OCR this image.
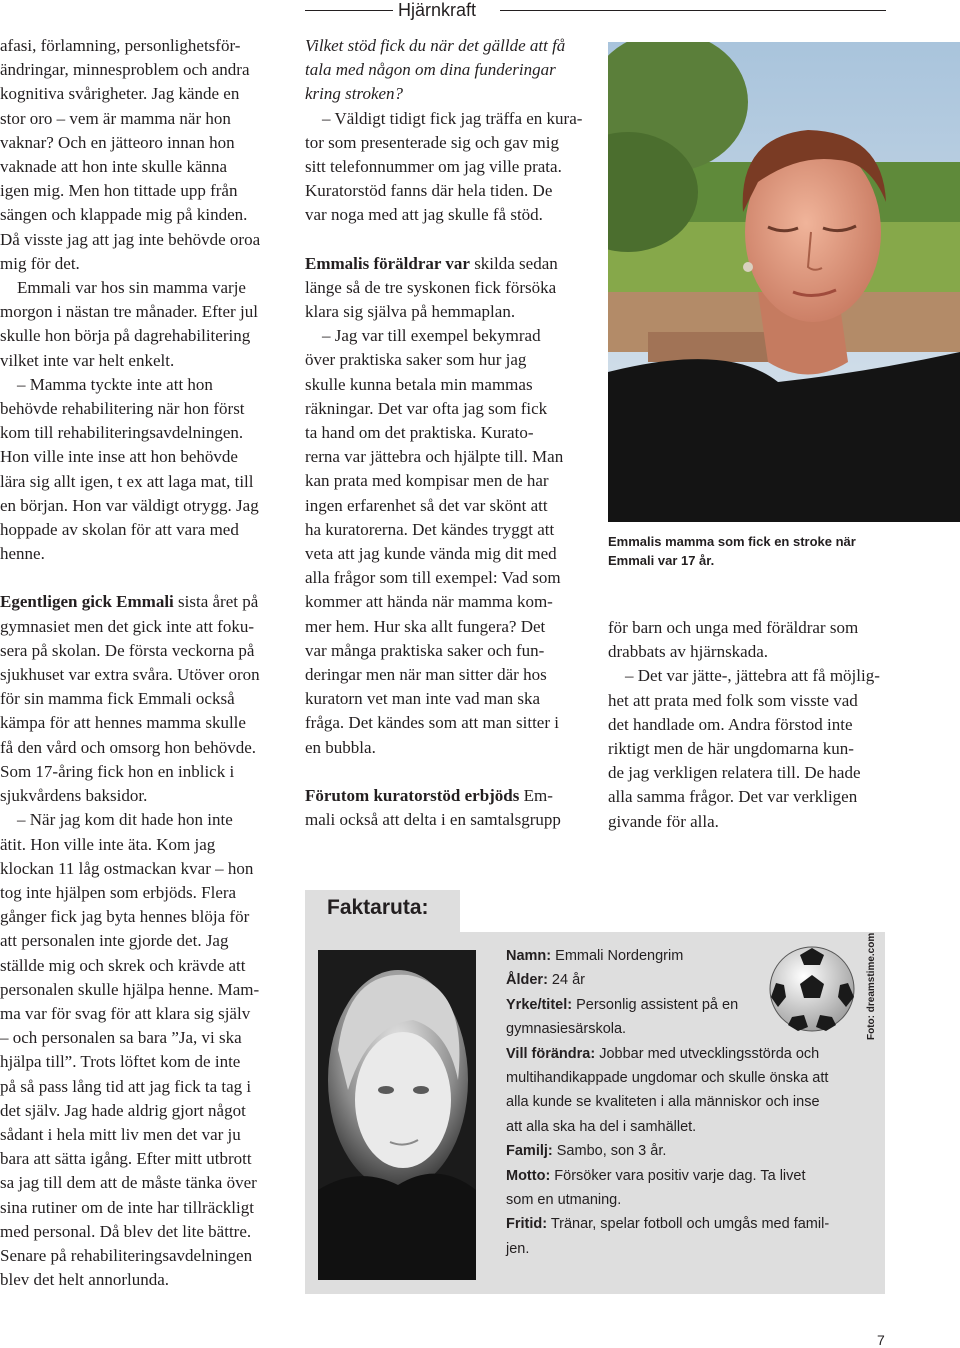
Hjärnkraft

afasi, förlamning, personlighetsför-

ändringar, minnesproblem och andra

kognitiva svårigheter. Jag kände en

stor oro – vem är mamma när hon

vaknar? Och en jätteoro innan hon

vaknade att hon inte skulle känna

igen mig. Men hon tittade upp från

sängen och klappade mig på kinden.

Då visste jag att jag inte behövde oroa

mig för det.

 Emmali var hos sin mamma varje

morgon i nästan tre månader. Efter jul

skulle hon börja på dagrehabilitering

vilket inte var helt enkelt.

 – Mamma tyckte inte att hon

behövde rehabilitering när hon först

kom till rehabiliteringsavdelningen.

Hon ville inte inse att hon behövde

lära sig allt igen, t ex att laga mat, till

en början. Hon var väldigt otrygg. Jag

hoppade av skolan för att vara med

henne.

Egentligen gick Emmali sista året på

gymnasiet men det gick inte att foku-

sera på skolan. De första veckorna på

sjukhuset var extra svåra. Utöver oron

för sin mamma fick Emmali också

kämpa för att hennes mamma skulle

få den vård och omsorg hon behövde.

Som 17-åring fick hon en inblick i

sjukvårdens baksidor.

 – När jag kom dit hade hon inte

ätit. Hon ville inte äta. Kom jag

klockan 11 låg ostmackan kvar – hon

tog inte hjälpen som erbjöds. Flera

gånger fick jag byta hennes blöja för

att personalen inte gjorde det. Jag

ställde mig och skrek och krävde att

personalen skulle hjälpa henne. Mam-

ma var för svag för att klara sig själv

– och personalen sa bara ”Ja, vi ska

hjälpa till”. Trots löftet kom de inte

på så pass lång tid att jag fick ta tag i

det själv. Jag hade aldrig gjort något

sådant i hela mitt liv men det var ju

bara att sätta igång. Efter mitt utbrott

sa jag till dem att de måste tänka över

sina rutiner om de inte har tillräckligt

med personal. Då blev det lite bättre.

Senare på rehabiliteringsavdelningen

blev det helt annorlunda.

Vilket stöd fick du när det gällde att få

tala med någon om dina funderingar

kring stroken?

 – Väldigt tidigt fick jag träffa en kura-

tor som presenterade sig och gav mig

sitt telefonnummer om jag ville prata.

Kuratorstöd fanns där hela tiden. De

var noga med att jag skulle få stöd.

Emmalis föräldrar var skilda sedan

länge så de tre syskonen fick försöka

klara sig själva på hemmaplan.

 – Jag var till exempel bekymrad

över praktiska saker som hur jag

skulle kunna betala min mammas

räkningar. Det var ofta jag som fick

ta hand om det praktiska. Kurato-

rerna var jättebra och hjälpte till. Man

kan prata med kompisar men de har

ingen erfarenhet så det var skönt att

ha kuratorerna. Det kändes tryggt att

veta att jag kunde vända mig dit med

alla frågor som till exempel: Vad som

kommer att hända när mamma kom-

mer hem. Hur ska allt fungera? Det

var många praktiska saker och fun-

deringar men när man sitter där hos

kuratorn vet man inte vad man ska

fråga. Det kändes som att man sitter i

en bubbla.

Förutom kuratorstöd erbjöds Em-

mali också att delta i en samtalsgrupp

Emmalis mamma som fick en stroke när
Emmali var 17 år.

för barn och unga med föräldrar som

drabbats av hjärnskada.

 – Det var jätte-, jättebra att få möjlig-

het att prata med folk som visste vad

det handlade om. Andra förstod inte

riktigt men de här ungdomarna kun-

de jag verkligen relatera till. De hade

alla samma frågor. Det var verkligen

givande för alla.

Faktaruta:
Foto: dreamstime.com

Namn: Emmali Nordengrim

Ålder: 24 år

Yrke/titel: Personlig assistent på en

gymnasiesärskola.

Vill förändra: Jobbar med utvecklingsstörda och

multihandikappade ungdomar och skulle önska att

alla kunde se kvaliteten i alla människor och inse

att alla ska ha del i samhället.

Familj: Sambo, son 3 år.

Motto: Försöker vara positiv varje dag. Ta livet

som en utmaning.

Fritid: Tränar, spelar fotboll och umgås med famil-

jen.

7
